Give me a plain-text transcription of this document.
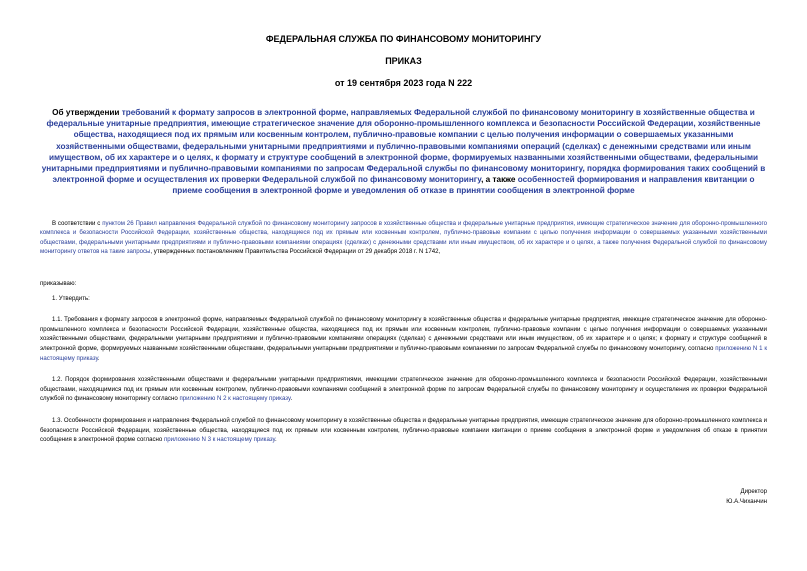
ФЕДЕРАЛЬНАЯ СЛУЖБА ПО ФИНАНСОВОМУ МОНИТОРИНГУ
ПРИКАЗ
от 19 сентября 2023 года N 222
Об утверждении требований к формату запросов в электронной форме, направляемых Федеральной службой по финансовому мониторингу в хозяйственные общества и федеральные унитарные предприятия, имеющие стратегическое значение для оборонно-промышленного комплекса и безопасности Российской Федерации, хозяйственные общества, находящиеся под их прямым или косвенным контролем, публично-правовые компании с целью получения информации о совершаемых указанными хозяйственными обществами, федеральными унитарными предприятиями и публично-правовыми компаниями операций (сделках) с денежными средствами или иным имуществом, об их характере и о целях, к формату и структуре сообщений в электронной форме, формируемых названными хозяйственными обществами, федеральными унитарными предприятиями и публично-правовыми компаниями по запросам Федеральной службы по финансовому мониторингу, порядка формирования таких сообщений в электронной форме и осуществления их проверки Федеральной службой по финансовому мониторингу, а также особенностей формирования и направления квитанции о приеме сообщения в электронной форме и уведомления об отказе в принятии сообщения в электронной форме

В соответствии с пунктом 26 Правил направления Федеральной службой по финансовому мониторингу запросов в хозяйственные общества и федеральные унитарные предприятия, имеющие стратегическое значение для оборонно-промышленного комплекса и безопасности Российской Федерации, хозяйственные общества, находящиеся под их прямым или косвенным контролем, публично-правовые компании с целью получения информации о совершаемых указанными хозяйственными обществами, федеральными унитарными предприятиями и публично-правовыми компаниями операциях (сделках) с денежными средствами или иным имуществом, об их характере и о целях, а также получения Федеральной службой по финансовому мониторингу ответов на такие запросы, утвержденных постановлением Правительства Российской Федерации от 29 декабря 2018 г. N 1742,

приказываю:

1. Утвердить:

1.1. Требования к формату запросов в электронной форме, направляемых Федеральной службой по финансовому мониторингу в хозяйственные общества и федеральные унитарные предприятия, имеющие стратегическое значение для оборонно-промышленного комплекса и безопасности Российской Федерации, хозяйственные общества, находящиеся под их прямым или косвенным контролем, публично-правовые компании с целью получения информации о совершаемых указанными хозяйственными обществами, федеральными унитарными предприятиями и публично-правовыми компаниями операциях (сделках) с денежными средствами или иным имуществом, об их характере и о целях; к формату и структуре сообщений в электронной форме, формируемых названными хозяйственными обществами, федеральными унитарными предприятиями и публично-правовыми компаниями по запросам Федеральной службы по финансовому мониторингу, согласно приложению N 1 к настоящему приказу.

1.2. Порядок формирования хозяйственными обществами и федеральными унитарными предприятиями, имеющими стратегическое значение для оборонно-промышленного комплекса и безопасности Российской Федерации, хозяйственными обществами, находящимися под их прямым или косвенным контролем, публично-правовыми компаниями сообщений в электронной форме по запросам Федеральной службы по финансовому мониторингу и осуществления их проверки Федеральной службой по финансовому мониторингу согласно приложению N 2 к настоящему приказу.

1.3. Особенности формирования и направления Федеральной службой по финансовому мониторингу в хозяйственные общества и федеральные унитарные предприятия, имеющие стратегическое значение для оборонно-промышленного комплекса и безопасности Российской Федерации, хозяйственные общества, находящиеся под их прямым или косвенным контролем, публично-правовые компании квитанции о приеме сообщения в электронной форме и уведомления об отказе в принятии сообщения в электронной форме согласно приложению N 3 к настоящему приказу.

Директор
Ю.А.Чиханчин
